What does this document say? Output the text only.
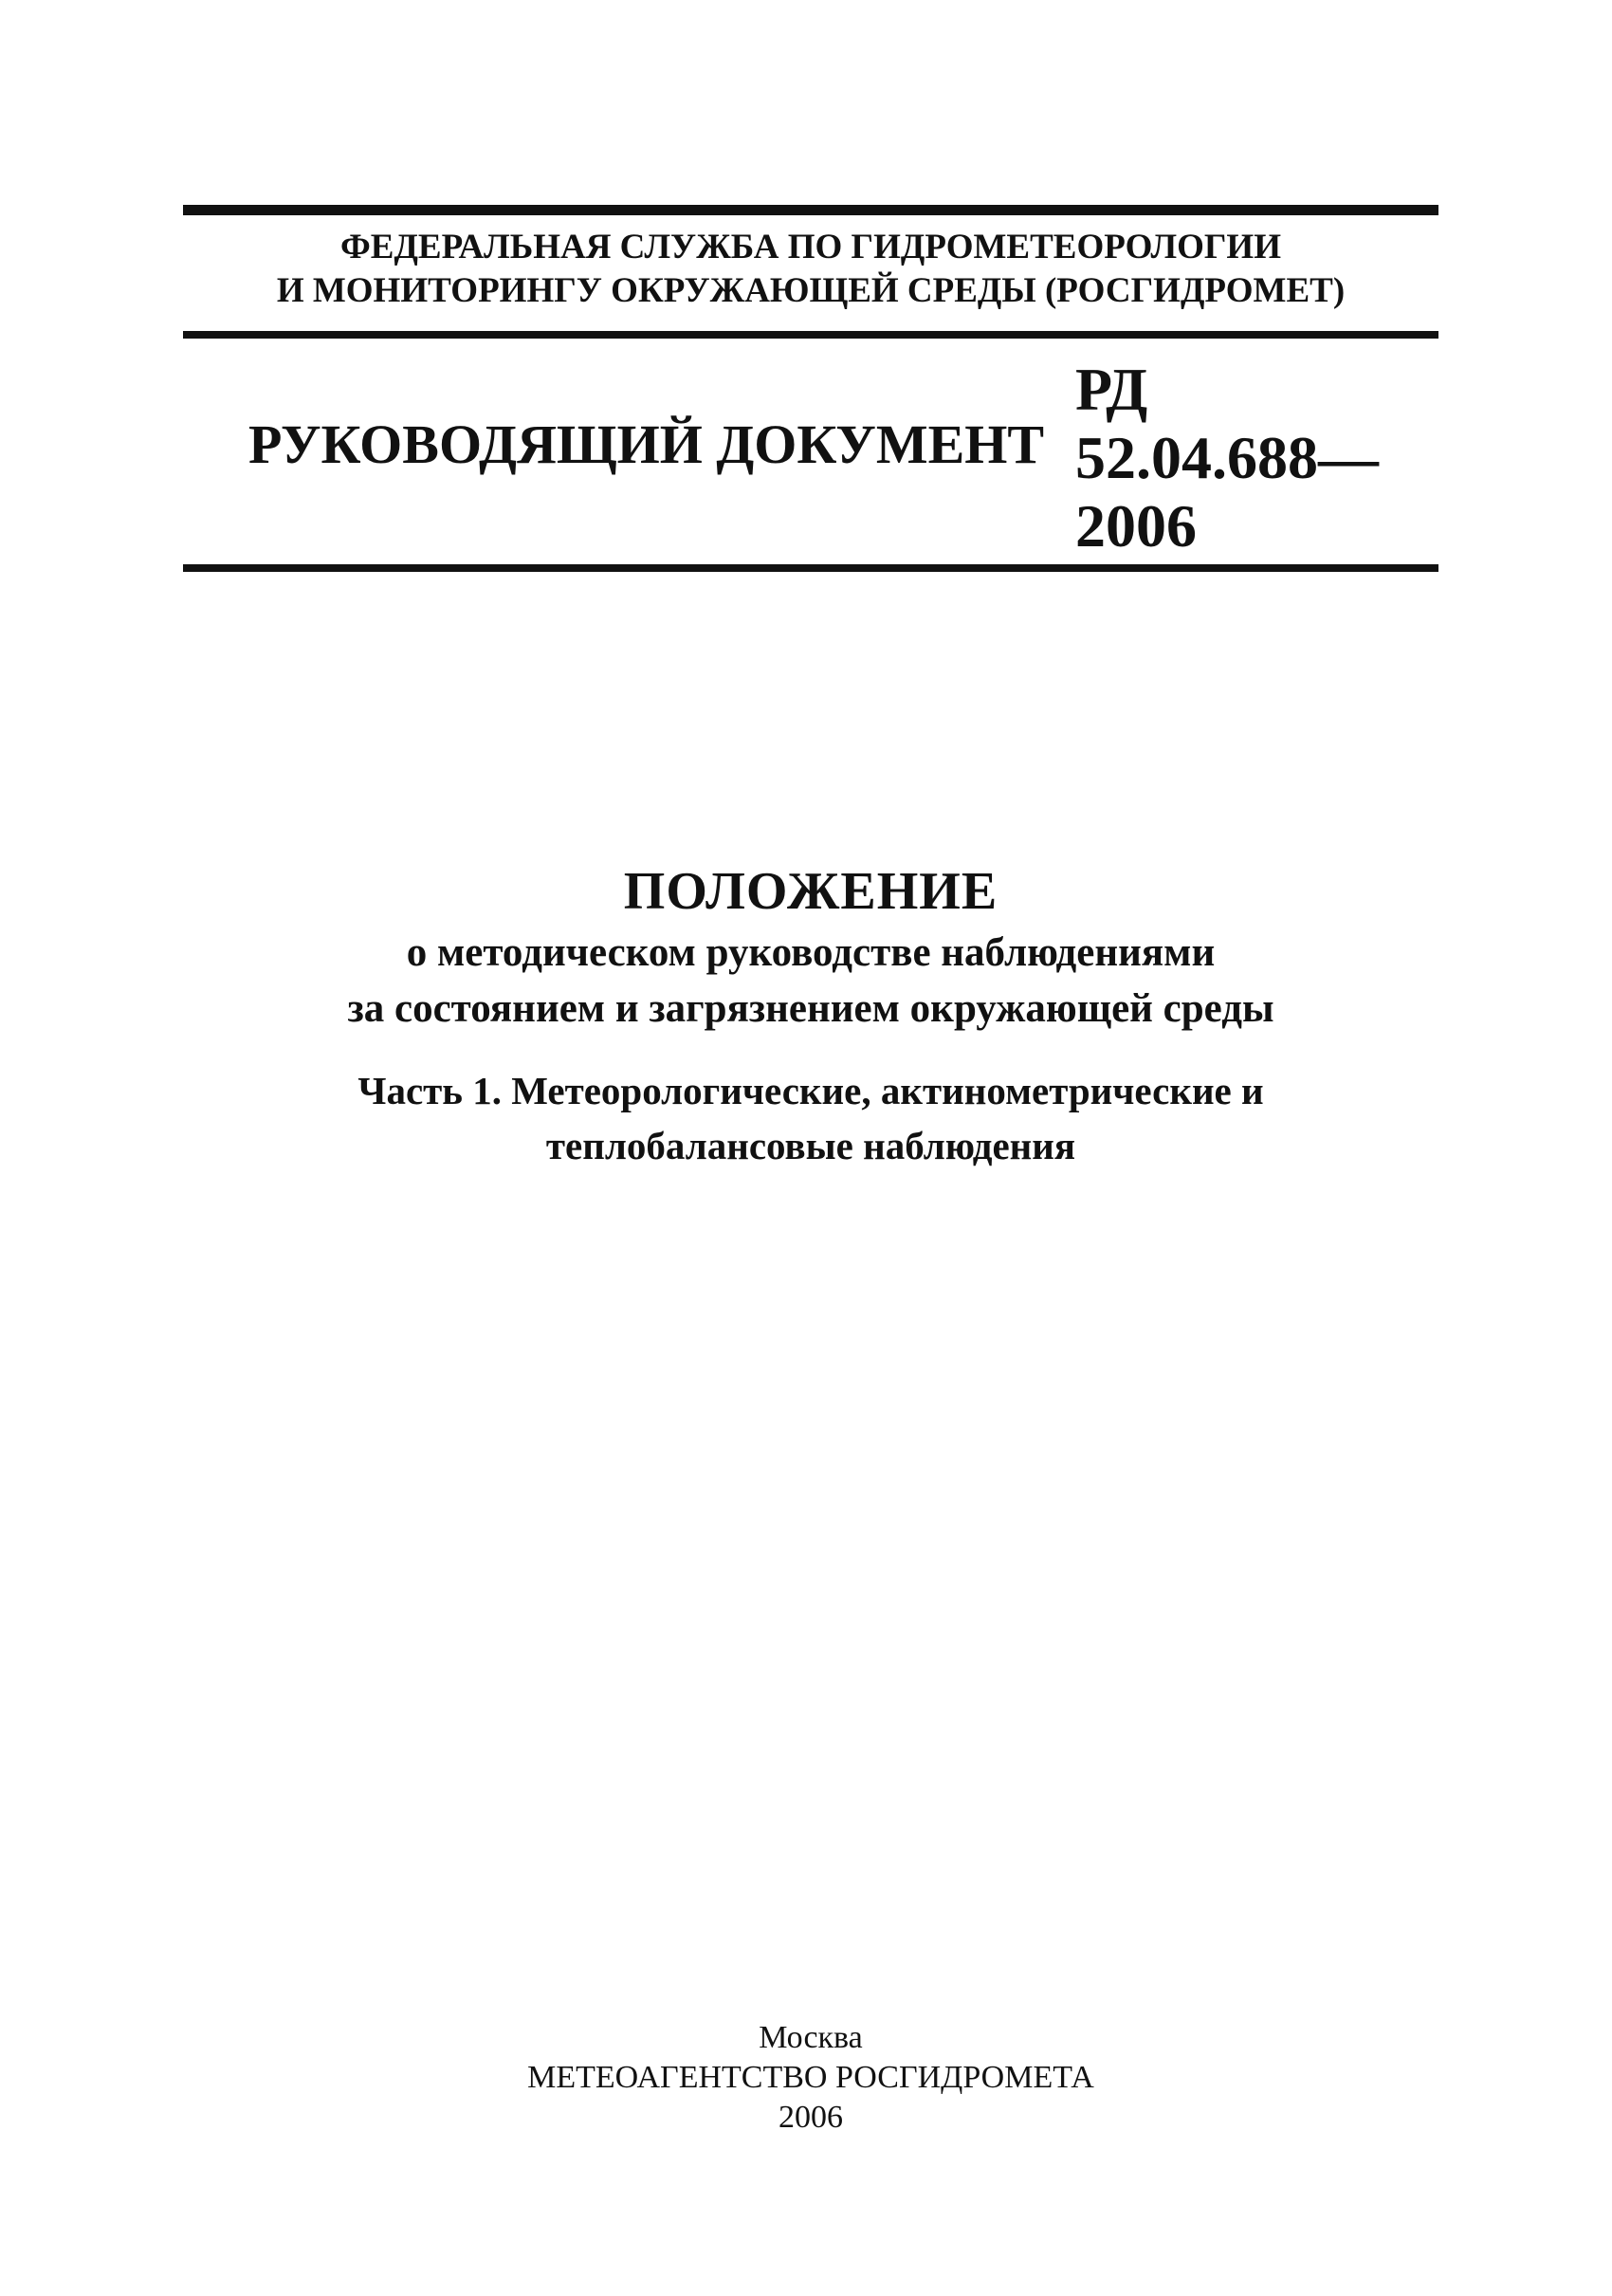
ФЕДЕРАЛЬНАЯ СЛУЖБА ПО ГИДРОМЕТЕОРОЛОГИИ
И МОНИТОРИНГУ ОКРУЖАЮЩЕЙ СРЕДЫ (РОСГИДРОМЕТ)
РУКОВОДЯЩИЙ ДОКУМЕНТ
РД
52.04.688—
2006
ПОЛОЖЕНИЕ
о методическом руководстве наблюдениями
за состоянием и загрязнением окружающей среды
Часть 1. Метеорологические, актинометрические и
теплобалансовые наблюдения
Москва
МЕТЕОАГЕНТСТВО РОСГИДРОМЕТА
2006
